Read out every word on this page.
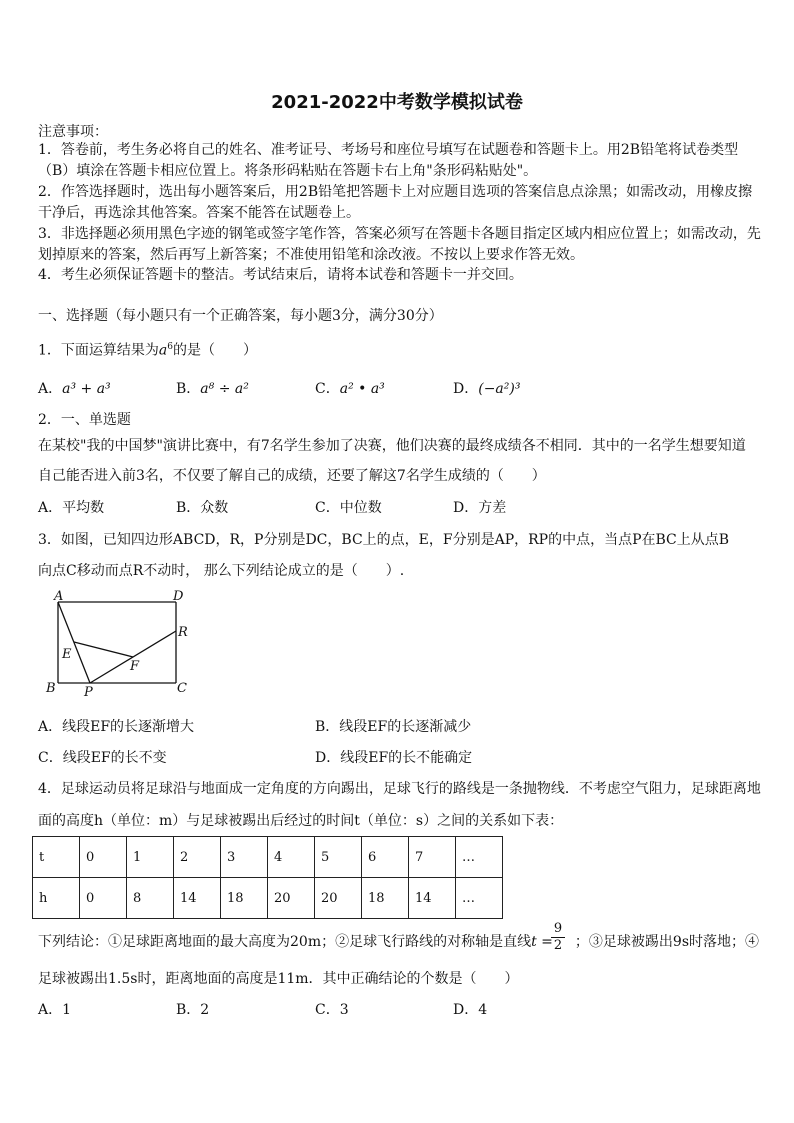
2021-2022中考数学模拟试卷
注意事项：
1．答卷前，考生务必将自己的姓名、准考证号、考场号和座位号填写在试题卷和答题卡上。用2B铅笔将试卷类型
（B）填涂在答题卡相应位置上。将条形码粘贴在答题卡右上角"条形码粘贴处"。
2．作答选择题时，选出每小题答案后，用2B铅笔把答题卡上对应题目选项的答案信息点涂黑；如需改动，用橡皮擦
干净后，再选涂其他答案。答案不能答在试题卷上。
3．非选择题必须用黑色字迹的钢笔或签字笔作答，答案必须写在答题卡各题目指定区域内相应位置上；如需改动，先
划掉原来的答案，然后再写上新答案；不准使用铅笔和涂改液。不按以上要求作答无效。
4．考生必须保证答题卡的整洁。考试结束后，请将本试卷和答题卡一并交回。
一、选择题（每小题只有一个正确答案，每小题3分，满分30分）
1．下面运算结果为$a^6$的是（　　）
A．a³ + a³	B．a⁸ ÷ a²	C．a² • a³	D．(−a²)³
2．一、单选题
在某校"我的中国梦"演讲比赛中，有7名学生参加了决赛，他们决赛的最终成绩各不相同．其中的一名学生想要知道
自己能否进入前3名，不仅要了解自己的成绩，还要了解这7名学生成绩的（　　）
A．平均数	B．众数	C．中位数	D．方差
3．如图，已知四边形ABCD，R，P分别是DC，BC上的点，E，F分别是AP，RP的中点，当点P在BC上从点B
向点C移动而点R不动时， 那么下列结论成立的是（　　）.
A	D
R
E
F
B P	C
A．线段EF的长逐渐增大	B．线段EF的长逐渐减少
C．线段EF的长不变	D．线段EF的长不能确定
4．足球运动员将足球沿与地面成一定角度的方向踢出，足球飞行的路线是一条抛物线．不考虑空气阻力，足球距离地
面的高度h（单位：m）与足球被踢出后经过的时间t（单位：s）之间的关系如下表：
t	0	1	2	3	4	5	6	7	…
h	0	8	14	18	20	20	18	14	…
下列结论：①足球距离地面的最大高度为20m；②足球飞行路线的对称轴是直线t = ；③足球被踢出9s时落地；④
$\frac{9}{2}$
足球被踢出1.5s时，距离地面的高度是11m．其中正确结论的个数是（　　）
A．1	B．2	C．3	D．4
